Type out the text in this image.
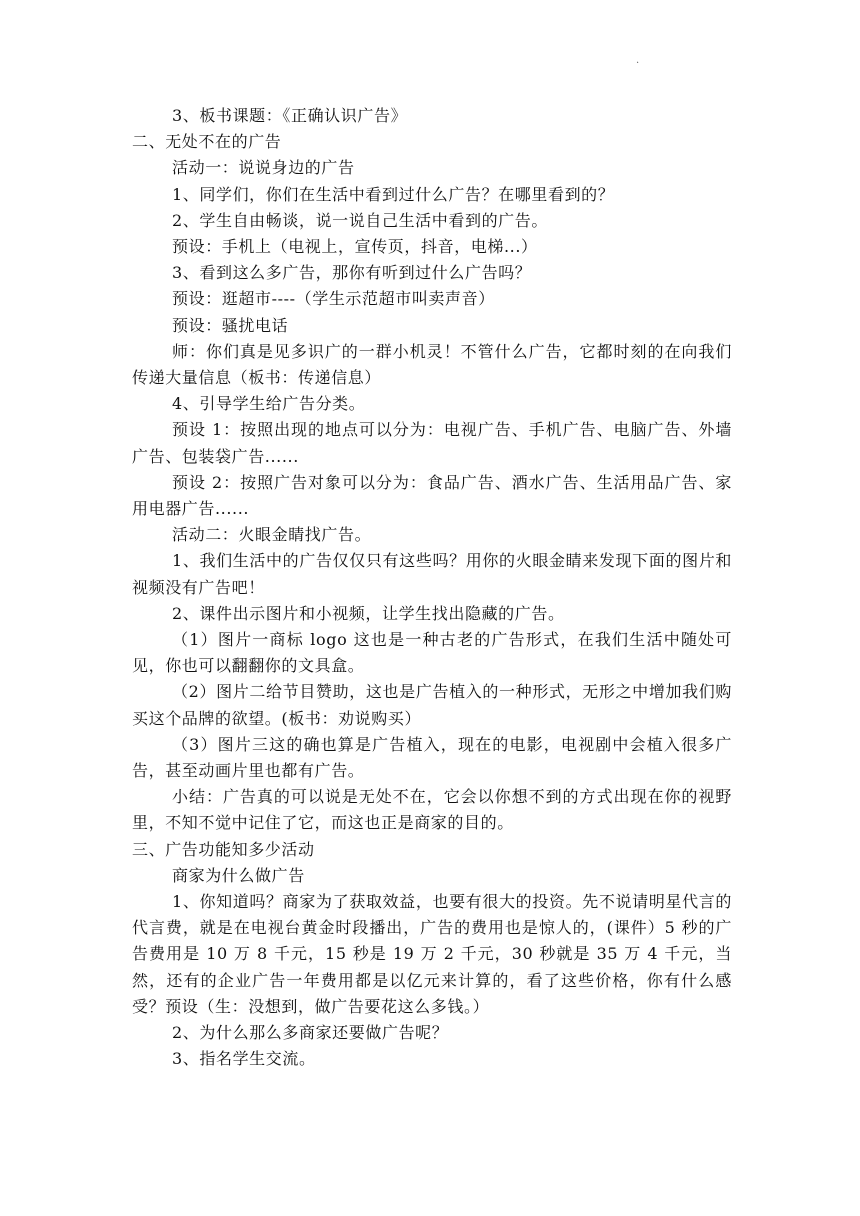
.
3、板书课题：《正确认识广告》
二、无处不在的广告
活动一：说说身边的广告
1、同学们，你们在生活中看到过什么广告？在哪里看到的？
2、学生自由畅谈，说一说自己生活中看到的广告。
预设：手机上（电视上，宣传页，抖音，电梯...）
3、看到这么多广告，那你有听到过什么广告吗？
预设：逛超市----（学生示范超市叫卖声音）
预设：骚扰电话
师：你们真是见多识广的一群小机灵！不管什么广告，它都时刻的在向我们传递大量信息（板书：传递信息）
4、引导学生给广告分类。
预设 1：按照出现的地点可以分为：电视广告、手机广告、电脑广告、外墙广告、包装袋广告......
预设 2：按照广告对象可以分为：食品广告、酒水广告、生活用品广告、家用电器广告......
活动二：火眼金睛找广告。
1、我们生活中的广告仅仅只有这些吗？用你的火眼金睛来发现下面的图片和视频没有广告吧！
2、课件出示图片和小视频，让学生找出隐藏的广告。
（1）图片一商标 logo 这也是一种古老的广告形式，在我们生活中随处可见，你也可以翻翻你的文具盒。
（2）图片二给节目赞助，这也是广告植入的一种形式，无形之中增加我们购买这个品牌的欲望。(板书：劝说购买）
（3）图片三这的确也算是广告植入，现在的电影，电视剧中会植入很多广告，甚至动画片里也都有广告。
小结：广告真的可以说是无处不在，它会以你想不到的方式出现在你的视野里，不知不觉中记住了它，而这也正是商家的目的。
三、广告功能知多少活动
商家为什么做广告
1、你知道吗？商家为了获取效益，也要有很大的投资。先不说请明星代言的代言费，就是在电视台黄金时段播出，广告的费用也是惊人的，(课件）5 秒的广告费用是 10 万 8 千元，15 秒是 19 万 2 千元，30 秒就是 35 万 4 千元，当然，还有的企业广告一年费用都是以亿元来计算的，看了这些价格，你有什么感受？预设（生：没想到，做广告要花这么多钱。）
2、为什么那么多商家还要做广告呢？
3、指名学生交流。
